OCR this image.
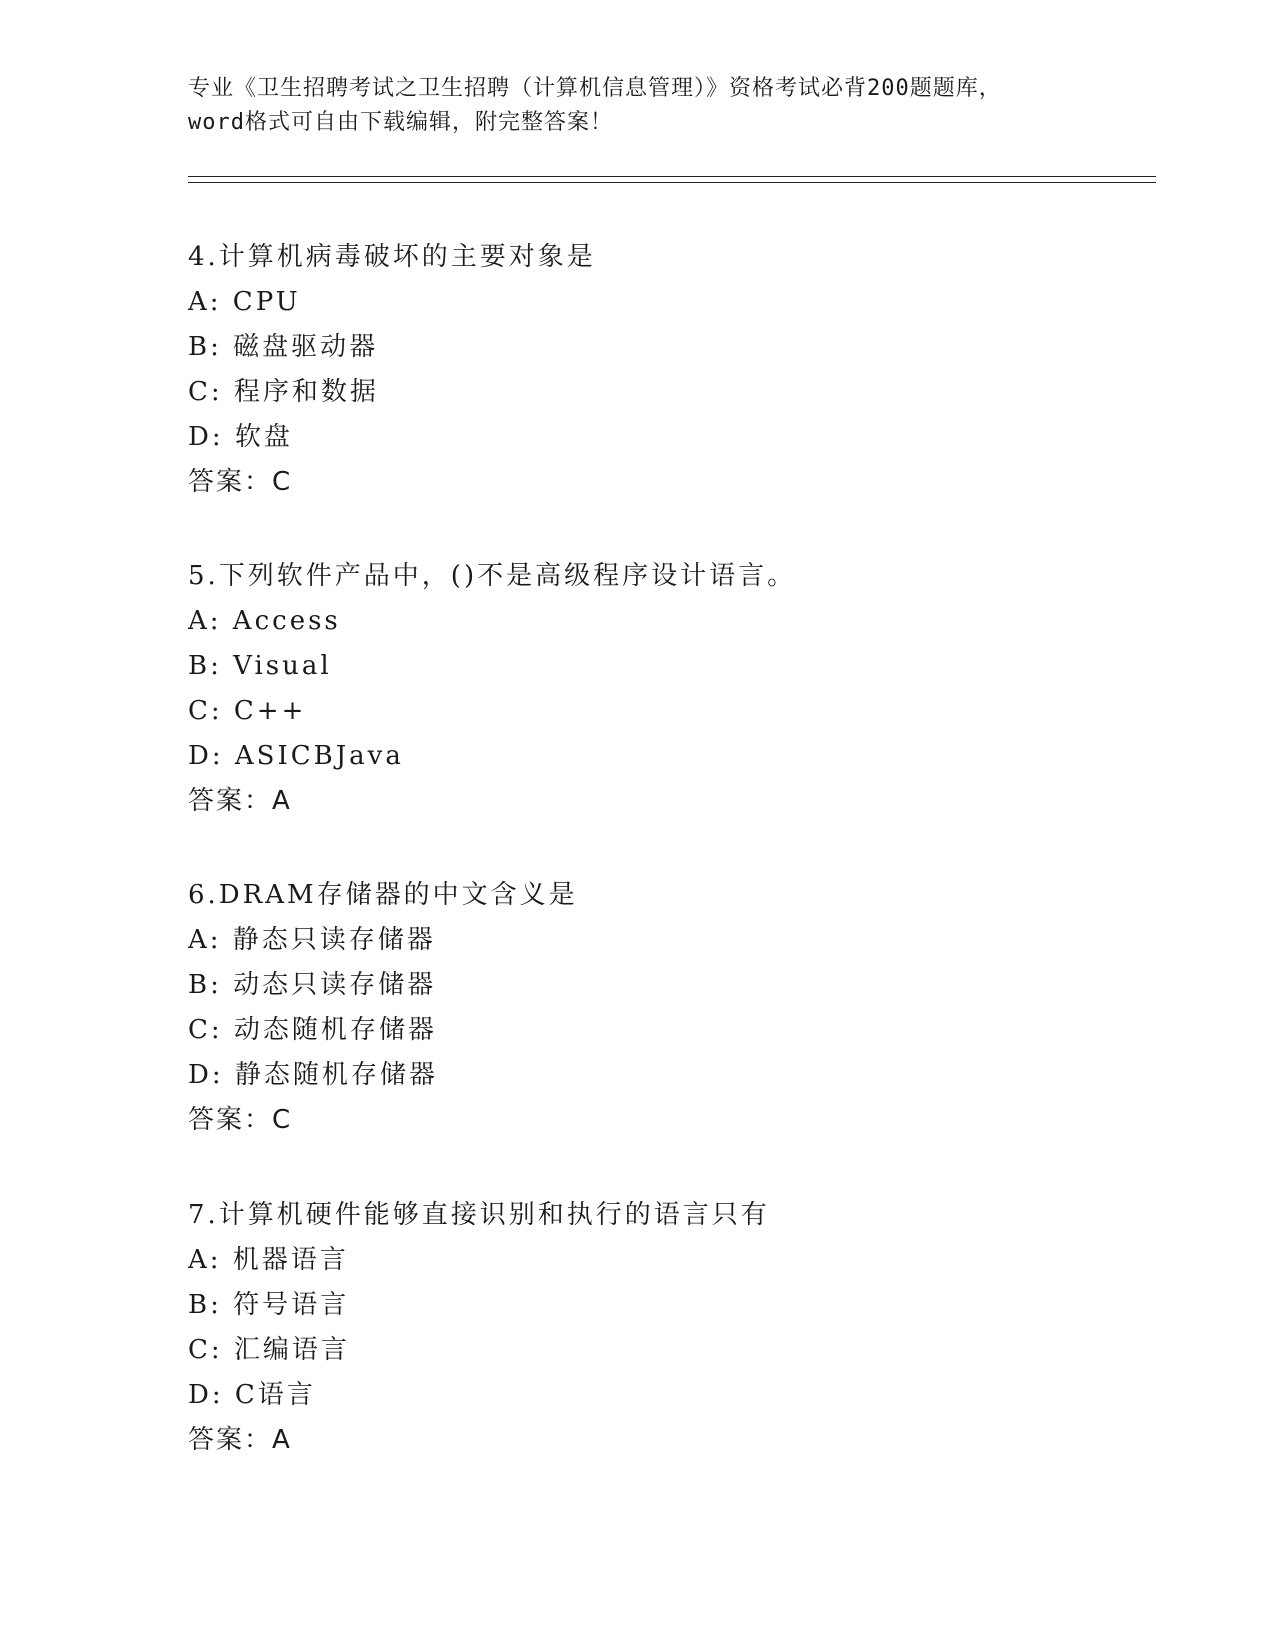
专业《卫生招聘考试之卫生招聘（计算机信息管理）》资格考试必背200题题库，
word格式可自由下载编辑，附完整答案！
4.计算机病毒破坏的主要对象是
A: CPU
B: 磁盘驱动器
C: 程序和数据
D: 软盘
答案：C
5.下列软件产品中，()不是高级程序设计语言。
A: Access
B: Visual
C: C++
D: ASICBJava
答案：A
6.DRAM存储器的中文含义是
A: 静态只读存储器
B: 动态只读存储器
C: 动态随机存储器
D: 静态随机存储器
答案：C
7.计算机硬件能够直接识别和执行的语言只有
A: 机器语言
B: 符号语言
C: 汇编语言
D: C语言
答案：A
